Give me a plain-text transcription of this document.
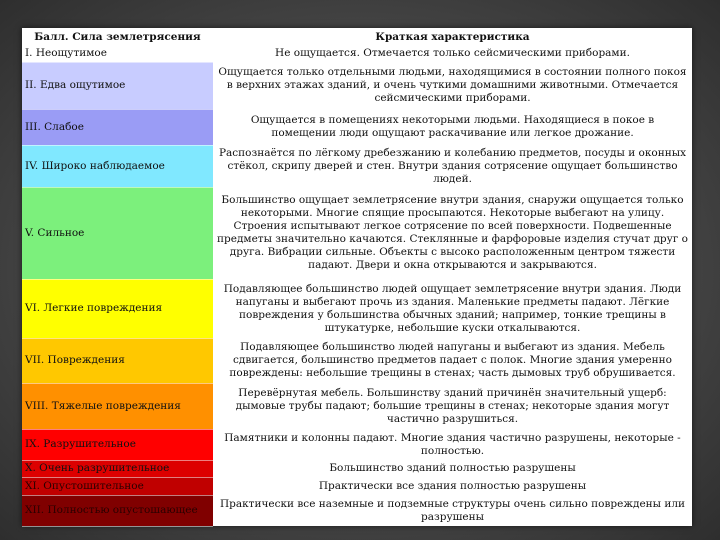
Балл. Сила землетрясения	Краткая характеристика
I. Неощутимое	Не ощущается. Отмечается только сейсмическими приборами.
II. Едва ощутимое	Ощущается только отдельными людьми, находящимися в состоянии полного покоя в верхних этажах зданий, и очень чуткими домашними животными. Отмечается сейсмическими приборами.
III. Слабое	Ощущается в помещениях некоторыми людьми. Находящиеся в покое в помещении люди ощущают раскачивание или легкое дрожание.
IV. Широко наблюдаемое	Распознаётся по лёгкому дребезжанию и колебанию предметов, посуды и оконных стёкол, скрипу дверей и стен. Внутри здания сотрясение ощущает большинство людей.
V. Сильное	Большинство ощущает землетрясение внутри здания, снаружи ощущается только некоторыми. Многие спящие просыпаются. Некоторые выбегают на улицу. Строения испытывают легкое сотрясение по всей поверхности. Подвешенные предметы значительно качаются. Стеклянные и фарфоровые изделия стучат друг о друга. Вибрации сильные. Объекты с высоко расположенным центром тяжести падают. Двери и окна открываются и закрываются.
VI. Легкие повреждения	Подавляющее большинство людей ощущает землетрясение внутри здания. Люди напуганы и выбегают прочь из здания. Маленькие предметы падают. Лёгкие повреждения у большинства обычных зданий; например, тонкие трещины в штукатурке, небольшие куски откалываются.
VII. Повреждения	Подавляющее большинство людей напуганы и выбегают из здания. Мебель сдвигается, большинство предметов падает с полок. Многие здания умеренно повреждены: небольшие трещины в стенах; часть дымовых труб обрушивается.
VIII. Тяжелые повреждения	Перевёрнутая мебель. Большинству зданий причинён значительный ущерб: дымовые трубы падают; большие трещины в стенах; некоторые здания могут частично разрушиться.
IX. Разрушительное	Памятники и колонны падают. Многие здания частично разрушены, некоторые - полностью.
X. Очень разрушительное	Большинство зданий полностью разрушены
XI. Опустошительное	Практически все здания полностью разрушены
XII. Полностью опустошающее	Практически все наземные и подземные структуры очень сильно повреждены или разрушены
